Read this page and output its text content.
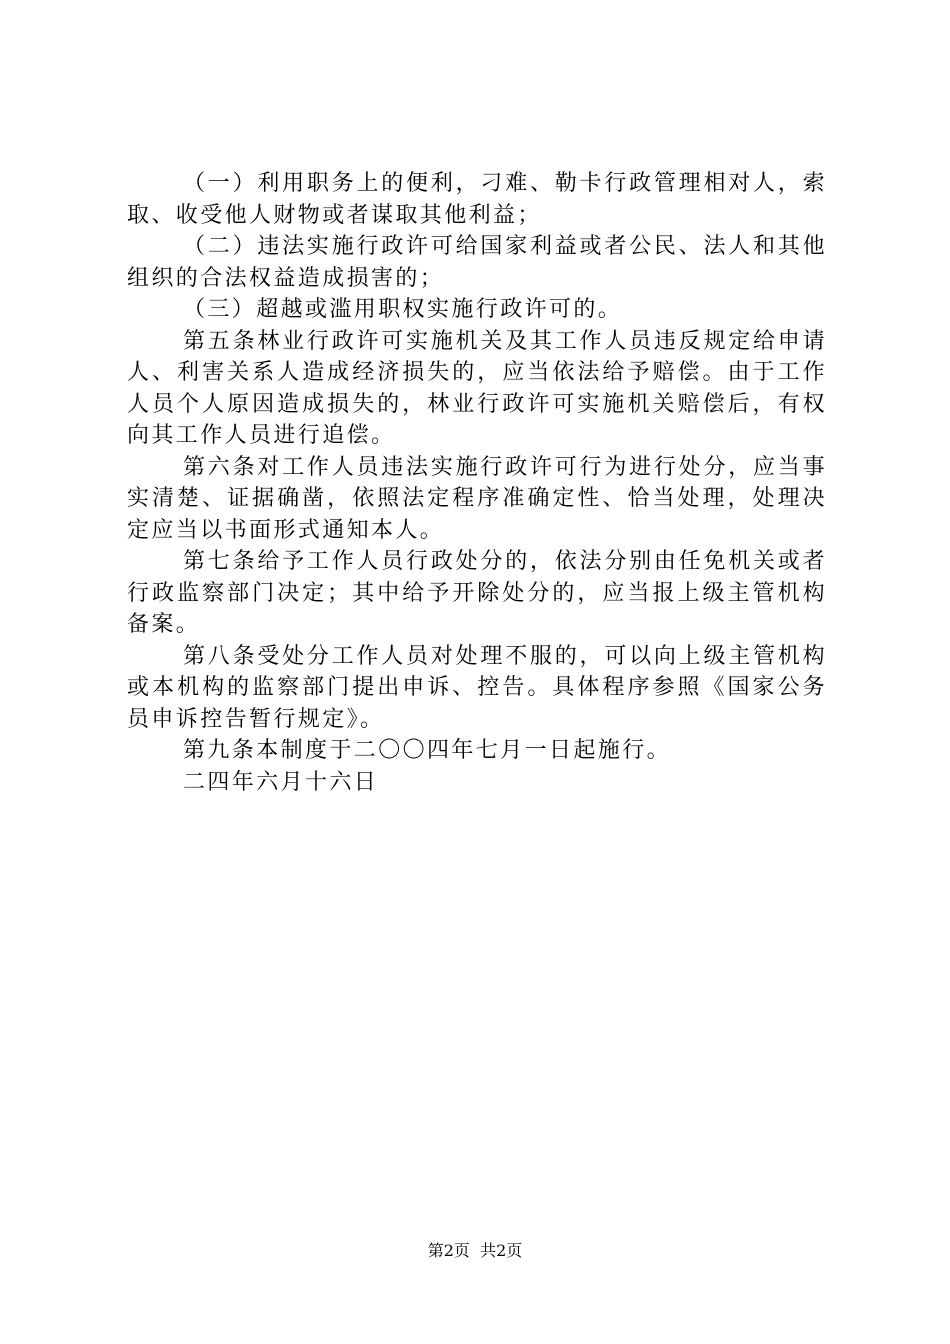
（一）利用职务上的便利，刁难、勒卡行政管理相对人，索取、收受他人财物或者谋取其他利益；

（二）违法实施行政许可给国家利益或者公民、法人和其他组织的合法权益造成损害的；

（三）超越或滥用职权实施行政许可的。

第五条林业行政许可实施机关及其工作人员违反规定给申请人、利害关系人造成经济损失的，应当依法给予赔偿。由于工作人员个人原因造成损失的，林业行政许可实施机关赔偿后，有权向其工作人员进行追偿。

第六条对工作人员违法实施行政许可行为进行处分，应当事实清楚、证据确凿，依照法定程序准确定性、恰当处理，处理决定应当以书面形式通知本人。

第七条给予工作人员行政处分的，依法分别由任免机关或者行政监察部门决定；其中给予开除处分的，应当报上级主管机构备案。

第八条受处分工作人员对处理不服的，可以向上级主管机构或本机构的监察部门提出申诉、控告。具体程序参照《国家公务员申诉控告暂行规定》。

第九条本制度于二〇〇四年七月一日起施行。

二四年六月十六日

第2页  共2页
